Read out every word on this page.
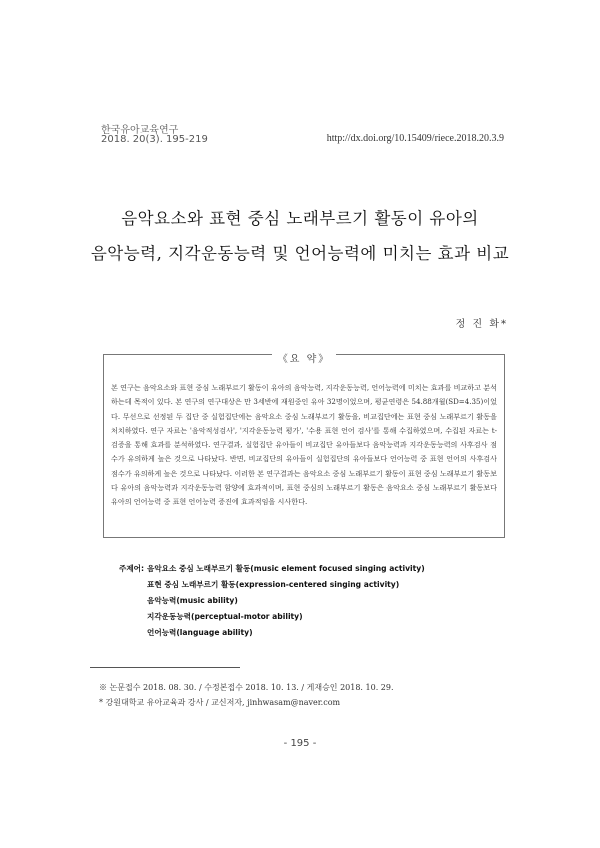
한국유아교육연구
2018. 20(3). 195-219	http://dx.doi.org/10.15409/riece.2018.20.3.9
음악요소와 표현 중심 노래부르기 활동이 유아의
음악능력, 지각운동능력 및 언어능력에 미치는 효과 비교
정 진 화*
《요 약》
본 연구는 음악요소와 표현 중심 노래부르기 활동이 유아의 음악능력, 지각운동능력, 언어능력에 미치는 효과를 비교하고 분석하는데 목적이 있다. 본 연구의 연구대상은 만 3세반에 재원중인 유아 32명이었으며, 평균연령은 54.88개월(SD=4.35)이었다. 무선으로 선정된 두 집단 중 실험집단에는 음악요소 중심 노래부르기 활동을, 비교집단에는 표현 중심 노래부르기 활동을 처치하였다. 연구 자료는 '음악적성검사', '지각운동능력 평가', '수용 표현 언어 검사'를 통해 수집하였으며, 수집된 자료는 t-검증을 통해 효과를 분석하였다. 연구결과, 실험집단 유아들이 비교집단 유아들보다 음악능력과 지각운동능력의 사후검사 점수가 유의하게 높은 것으로 나타났다. 반면, 비교집단의 유아들이 실험집단의 유아들보다 언어능력 중 표현 언어의 사후검사 점수가 유의하게 높은 것으로 나타났다. 이러한 본 연구결과는 음악요소 중심 노래부르기 활동이 표현 중심 노래부르기 활동보다 유아의 음악능력과 지각운동능력 함양에 효과적이며, 표현 중심의 노래부르기 활동은 음악요소 중심 노래부르기 활동보다 유아의 언어능력 중 표현 언어능력 증진에 효과적임을 시사한다.
주제어: 음악요소 중심 노래부르기 활동(music element focused singing activity)
표현 중심 노래부르기 활동(expression-centered singing activity)
음악능력(music ability)
지각운동능력(perceptual-motor ability)
언어능력(language ability)
※ 논문접수 2018. 08. 30. / 수정본접수 2018. 10. 13. / 게재승인 2018. 10. 29.
* 강원대학교 유아교육과 강사 / 교신저자, jinhwasam@naver.com
- 195 -
